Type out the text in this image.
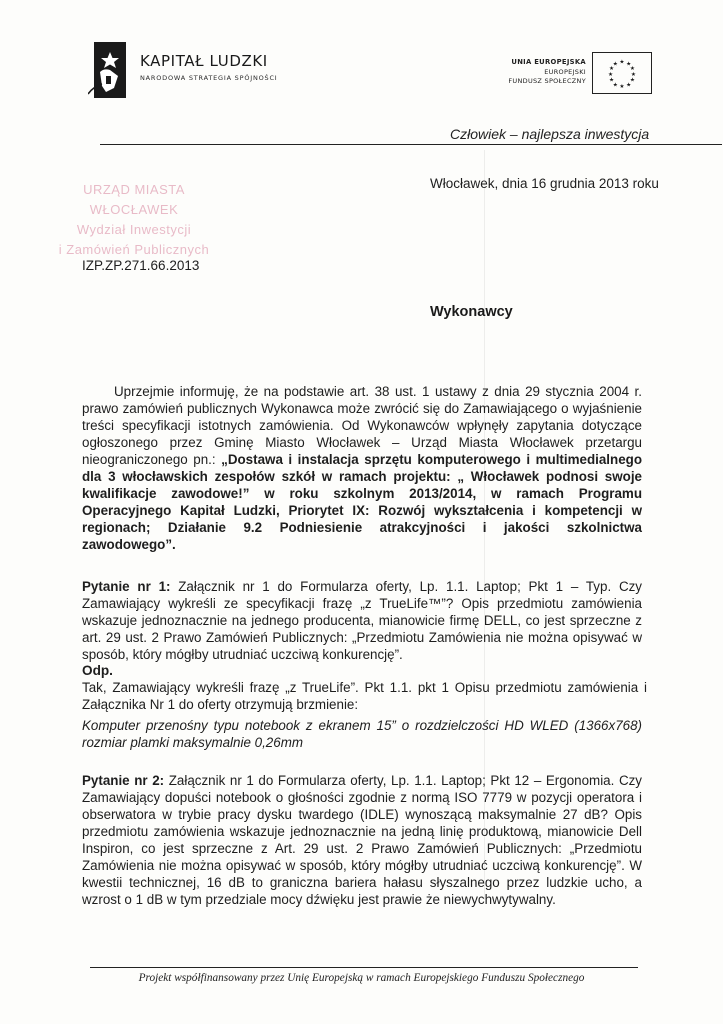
KAPITAŁ LUDZKI
NARODOWA STRATEGIA SPÓJNOŚCI
UNIA EUROPEJSKA
EUROPEJSKI
FUNDUSZ SPOŁECZNY
★ ★
★
★
★
★
★
★
★
★
★
★
Człowiek – najlepsza inwestycja
URZĄD MIASTA WŁOCŁAWEK
Wydział Inwestycji
i Zamówień Publicznych
Włocławek, dnia 16 grudnia 2013 roku
IZP.ZP.271.66.2013
Wykonawcy

Uprzejmie informuję, że na podstawie art. 38 ust. 1 ustawy z dnia 29 stycznia 2004 r. prawo zamówień publicznych Wykonawca może zwrócić się do Zamawiającego o wyjaśnienie treści specyfikacji istotnych zamówienia. Od Wykonawców wpłynęły zapytania dotyczące ogłoszonego przez Gminę Miasto Włocławek – Urząd Miasta Włocławek przetargu nieograniczonego pn.: „Dostawa i instalacja sprzętu komputerowego i multimedialnego dla 3 włocławskich zespołów szkół w ramach projektu: „ Włocławek podnosi swoje kwalifikacje zawodowe!” w roku szkolnym 2013/2014, w ramach Programu Operacyjnego Kapitał Ludzki, Priorytet IX: Rozwój wykształcenia i kompetencji w regionach; Działanie 9.2 Podniesienie atrakcyjności i jakości szkolnictwa zawodowego”.

Pytanie nr 1: Załącznik nr 1 do Formularza oferty, Lp. 1.1. Laptop; Pkt 1 – Typ. Czy Zamawiający wykreśli ze specyfikacji frazę „z TrueLife™”? Opis przedmiotu zamówienia wskazuje jednoznacznie na jednego producenta, mianowicie firmę DELL, co jest sprzeczne z art. 29 ust. 2 Prawo Zamówień Publicznych: „Przedmiotu Zamówienia nie można opisywać w sposób, który mógłby utrudniać uczciwą konkurencję”.

Odp.

Tak, Zamawiający wykreśli frazę „z TrueLife”. Pkt 1.1. pkt 1 Opisu przedmiotu zamówienia i Załącznika Nr 1 do oferty otrzymują brzmienie:

Komputer przenośny typu notebook z ekranem 15” o rozdzielczości HD WLED (1366x768) rozmiar plamki maksymalnie 0,26mm

Pytanie nr 2: Załącznik nr 1 do Formularza oferty, Lp. 1.1. Laptop; Pkt 12 – Ergonomia. Czy Zamawiający dopuści notebook o głośności zgodnie z normą ISO 7779 w pozycji operatora i obserwatora w trybie pracy dysku twardego (IDLE) wynoszącą maksymalnie 27 dB? Opis przedmiotu zamówienia wskazuje jednoznacznie na jedną linię produktową, mianowicie Dell Inspiron, co jest sprzeczne z Art. 29 ust. 2 Prawo Zamówień Publicznych: „Przedmiotu Zamówienia nie można opisywać w sposób, który mógłby utrudniać uczciwą konkurencję”. W kwestii technicznej, 16 dB to graniczna bariera hałasu słyszalnego przez ludzkie ucho, a wzrost o 1 dB w tym przedziale mocy dźwięku jest prawie że niewychwytywalny.

Projekt współfinansowany przez Unię Europejską w ramach Europejskiego Funduszu Społecznego
